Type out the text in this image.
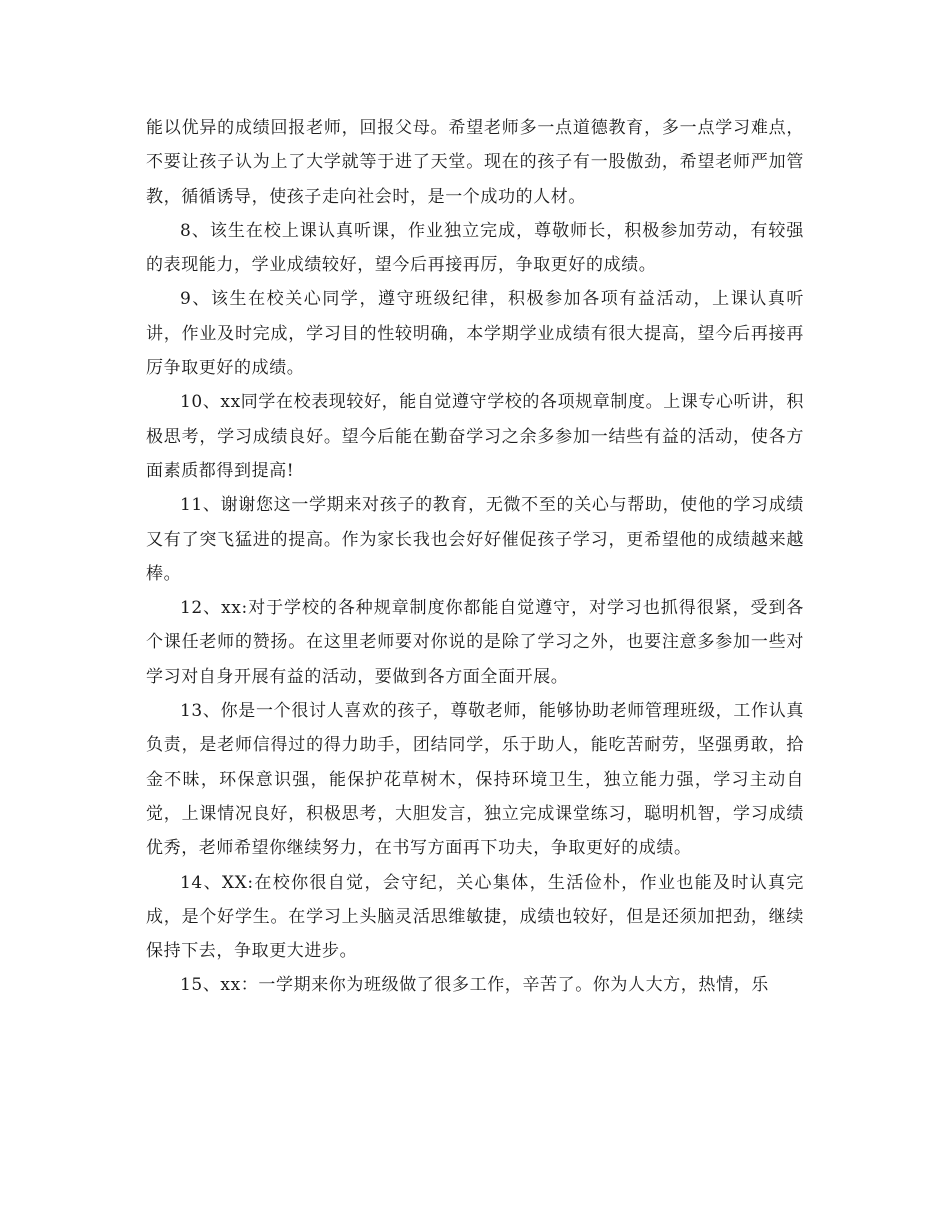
能以优异的成绩回报老师，回报父母。希望老师多一点道德教育，多一点学习难点，不要让孩子认为上了大学就等于进了天堂。现在的孩子有一股傲劲，希望老师严加管教，循循诱导，使孩子走向社会时，是一个成功的人材。

8、该生在校上课认真听课，作业独立完成，尊敬师长，积极参加劳动，有较强的表现能力，学业成绩较好，望今后再接再厉，争取更好的成绩。

9、该生在校关心同学，遵守班级纪律，积极参加各项有益活动，上课认真听讲，作业及时完成，学习目的性较明确，本学期学业成绩有很大提高，望今后再接再厉争取更好的成绩。

10、xx同学在校表现较好，能自觉遵守学校的各项规章制度。上课专心听讲，积极思考，学习成绩良好。望今后能在勤奋学习之余多参加一结些有益的活动，使各方面素质都得到提高!

11、谢谢您这一学期来对孩子的教育，无微不至的关心与帮助，使他的学习成绩又有了突飞猛进的提高。作为家长我也会好好催促孩子学习，更希望他的成绩越来越棒。

12、xx:对于学校的各种规章制度你都能自觉遵守，对学习也抓得很紧，受到各个课任老师的赞扬。在这里老师要对你说的是除了学习之外，也要注意多参加一些对学习对自身开展有益的活动，要做到各方面全面开展。

13、你是一个很讨人喜欢的孩子，尊敬老师，能够协助老师管理班级，工作认真负责，是老师信得过的得力助手，团结同学，乐于助人，能吃苦耐劳，坚强勇敢，拾金不昧，环保意识强，能保护花草树木，保持环境卫生，独立能力强，学习主动自觉，上课情况良好，积极思考，大胆发言，独立完成课堂练习，聪明机智，学习成绩优秀，老师希望你继续努力，在书写方面再下功夫，争取更好的成绩。

14、XX:在校你很自觉，会守纪，关心集体，生活俭朴，作业也能及时认真完成，是个好学生。在学习上头脑灵活思维敏捷，成绩也较好，但是还须加把劲，继续保持下去，争取更大进步。

15、xx：一学期来你为班级做了很多工作，辛苦了。你为人大方，热情，乐
